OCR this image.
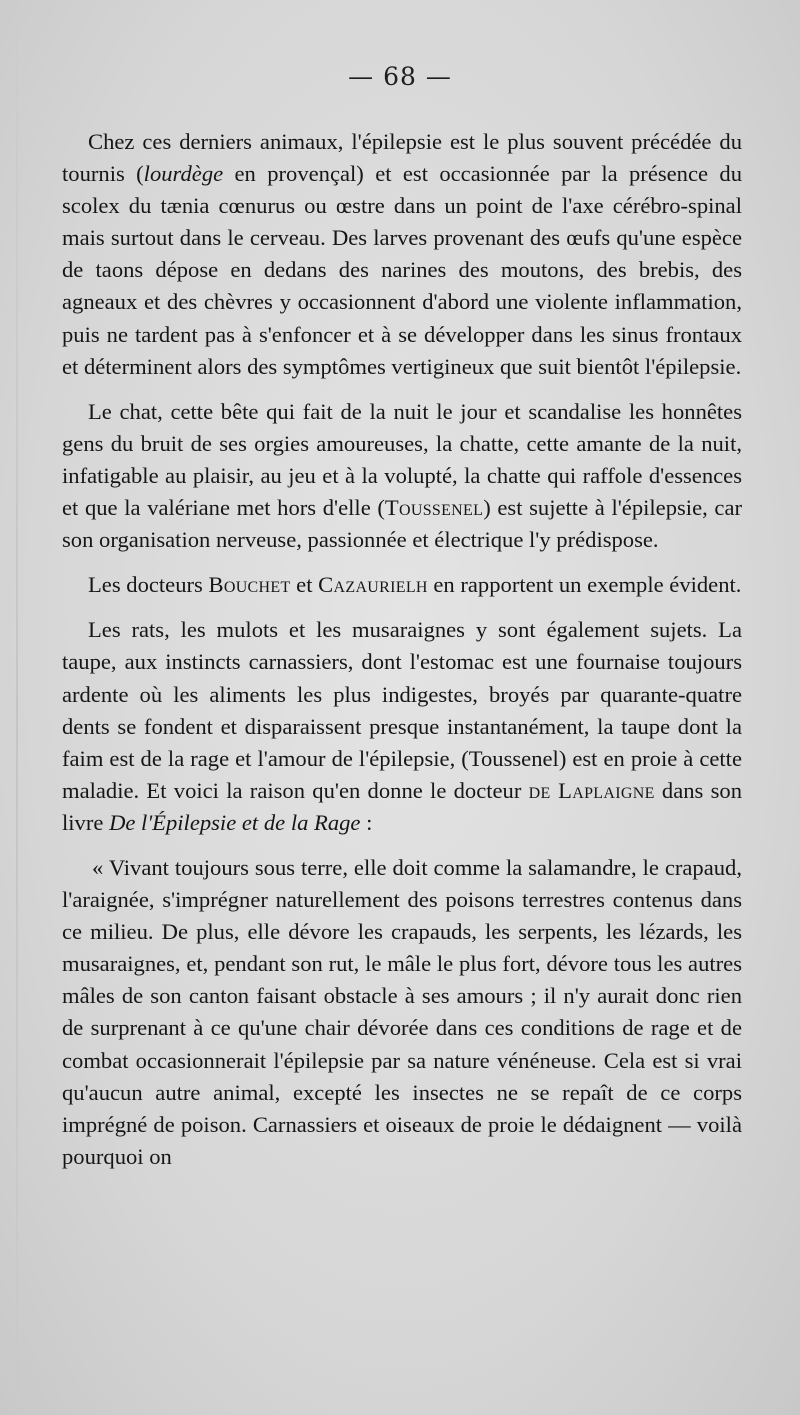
— 68 —

Chez ces derniers animaux, l'épilepsie est le plus souvent précédée du tournis (lourdège en provençal) et est occasionnée par la présence du scolex du tænia cœnurus ou œstre dans un point de l'axe cérébro-spinal mais surtout dans le cerveau. Des larves provenant des œufs qu'une espèce de taons dépose en dedans des narines des moutons, des brebis, des agneaux et des chèvres y occasionnent d'abord une violente inflammation, puis ne tardent pas à s'enfoncer et à se développer dans les sinus frontaux et déterminent alors des symptômes vertigineux que suit bientôt l'épilepsie.

Le chat, cette bête qui fait de la nuit le jour et scandalise les honnêtes gens du bruit de ses orgies amoureuses, la chatte, cette amante de la nuit, infatigable au plaisir, au jeu et à la volupté, la chatte qui raffole d'essences et que la valériane met hors d'elle (Toussenel) est sujette à l'épilepsie, car son organisation nerveuse, passionnée et électrique l'y prédispose.

Les docteurs Bouchet et Cazaurielh en rapportent un exemple évident.

Les rats, les mulots et les musaraignes y sont également sujets. La taupe, aux instincts carnassiers, dont l'estomac est une fournaise toujours ardente où les aliments les plus indigestes, broyés par quarante-quatre dents se fondent et disparaissent presque instantanément, la taupe dont la faim est de la rage et l'amour de l'épilepsie, (Toussenel) est en proie à cette maladie. Et voici la raison qu'en donne le docteur de Laplaigne dans son livre De l'Épilepsie et de la Rage :

« Vivant toujours sous terre, elle doit comme la salamandre, le crapaud, l'araignée, s'imprégner naturellement des poisons terrestres contenus dans ce milieu. De plus, elle dévore les crapauds, les serpents, les lézards, les musaraignes, et, pendant son rut, le mâle le plus fort, dévore tous les autres mâles de son canton faisant obstacle à ses amours ; il n'y aurait donc rien de surprenant à ce qu'une chair dévorée dans ces conditions de rage et de combat occasionnerait l'épilepsie par sa nature vénéneuse. Cela est si vrai qu'aucun autre animal, excepté les insectes ne se repaît de ce corps imprégné de poison. Carnassiers et oiseaux de proie le dédaignent — voilà pourquoi on
